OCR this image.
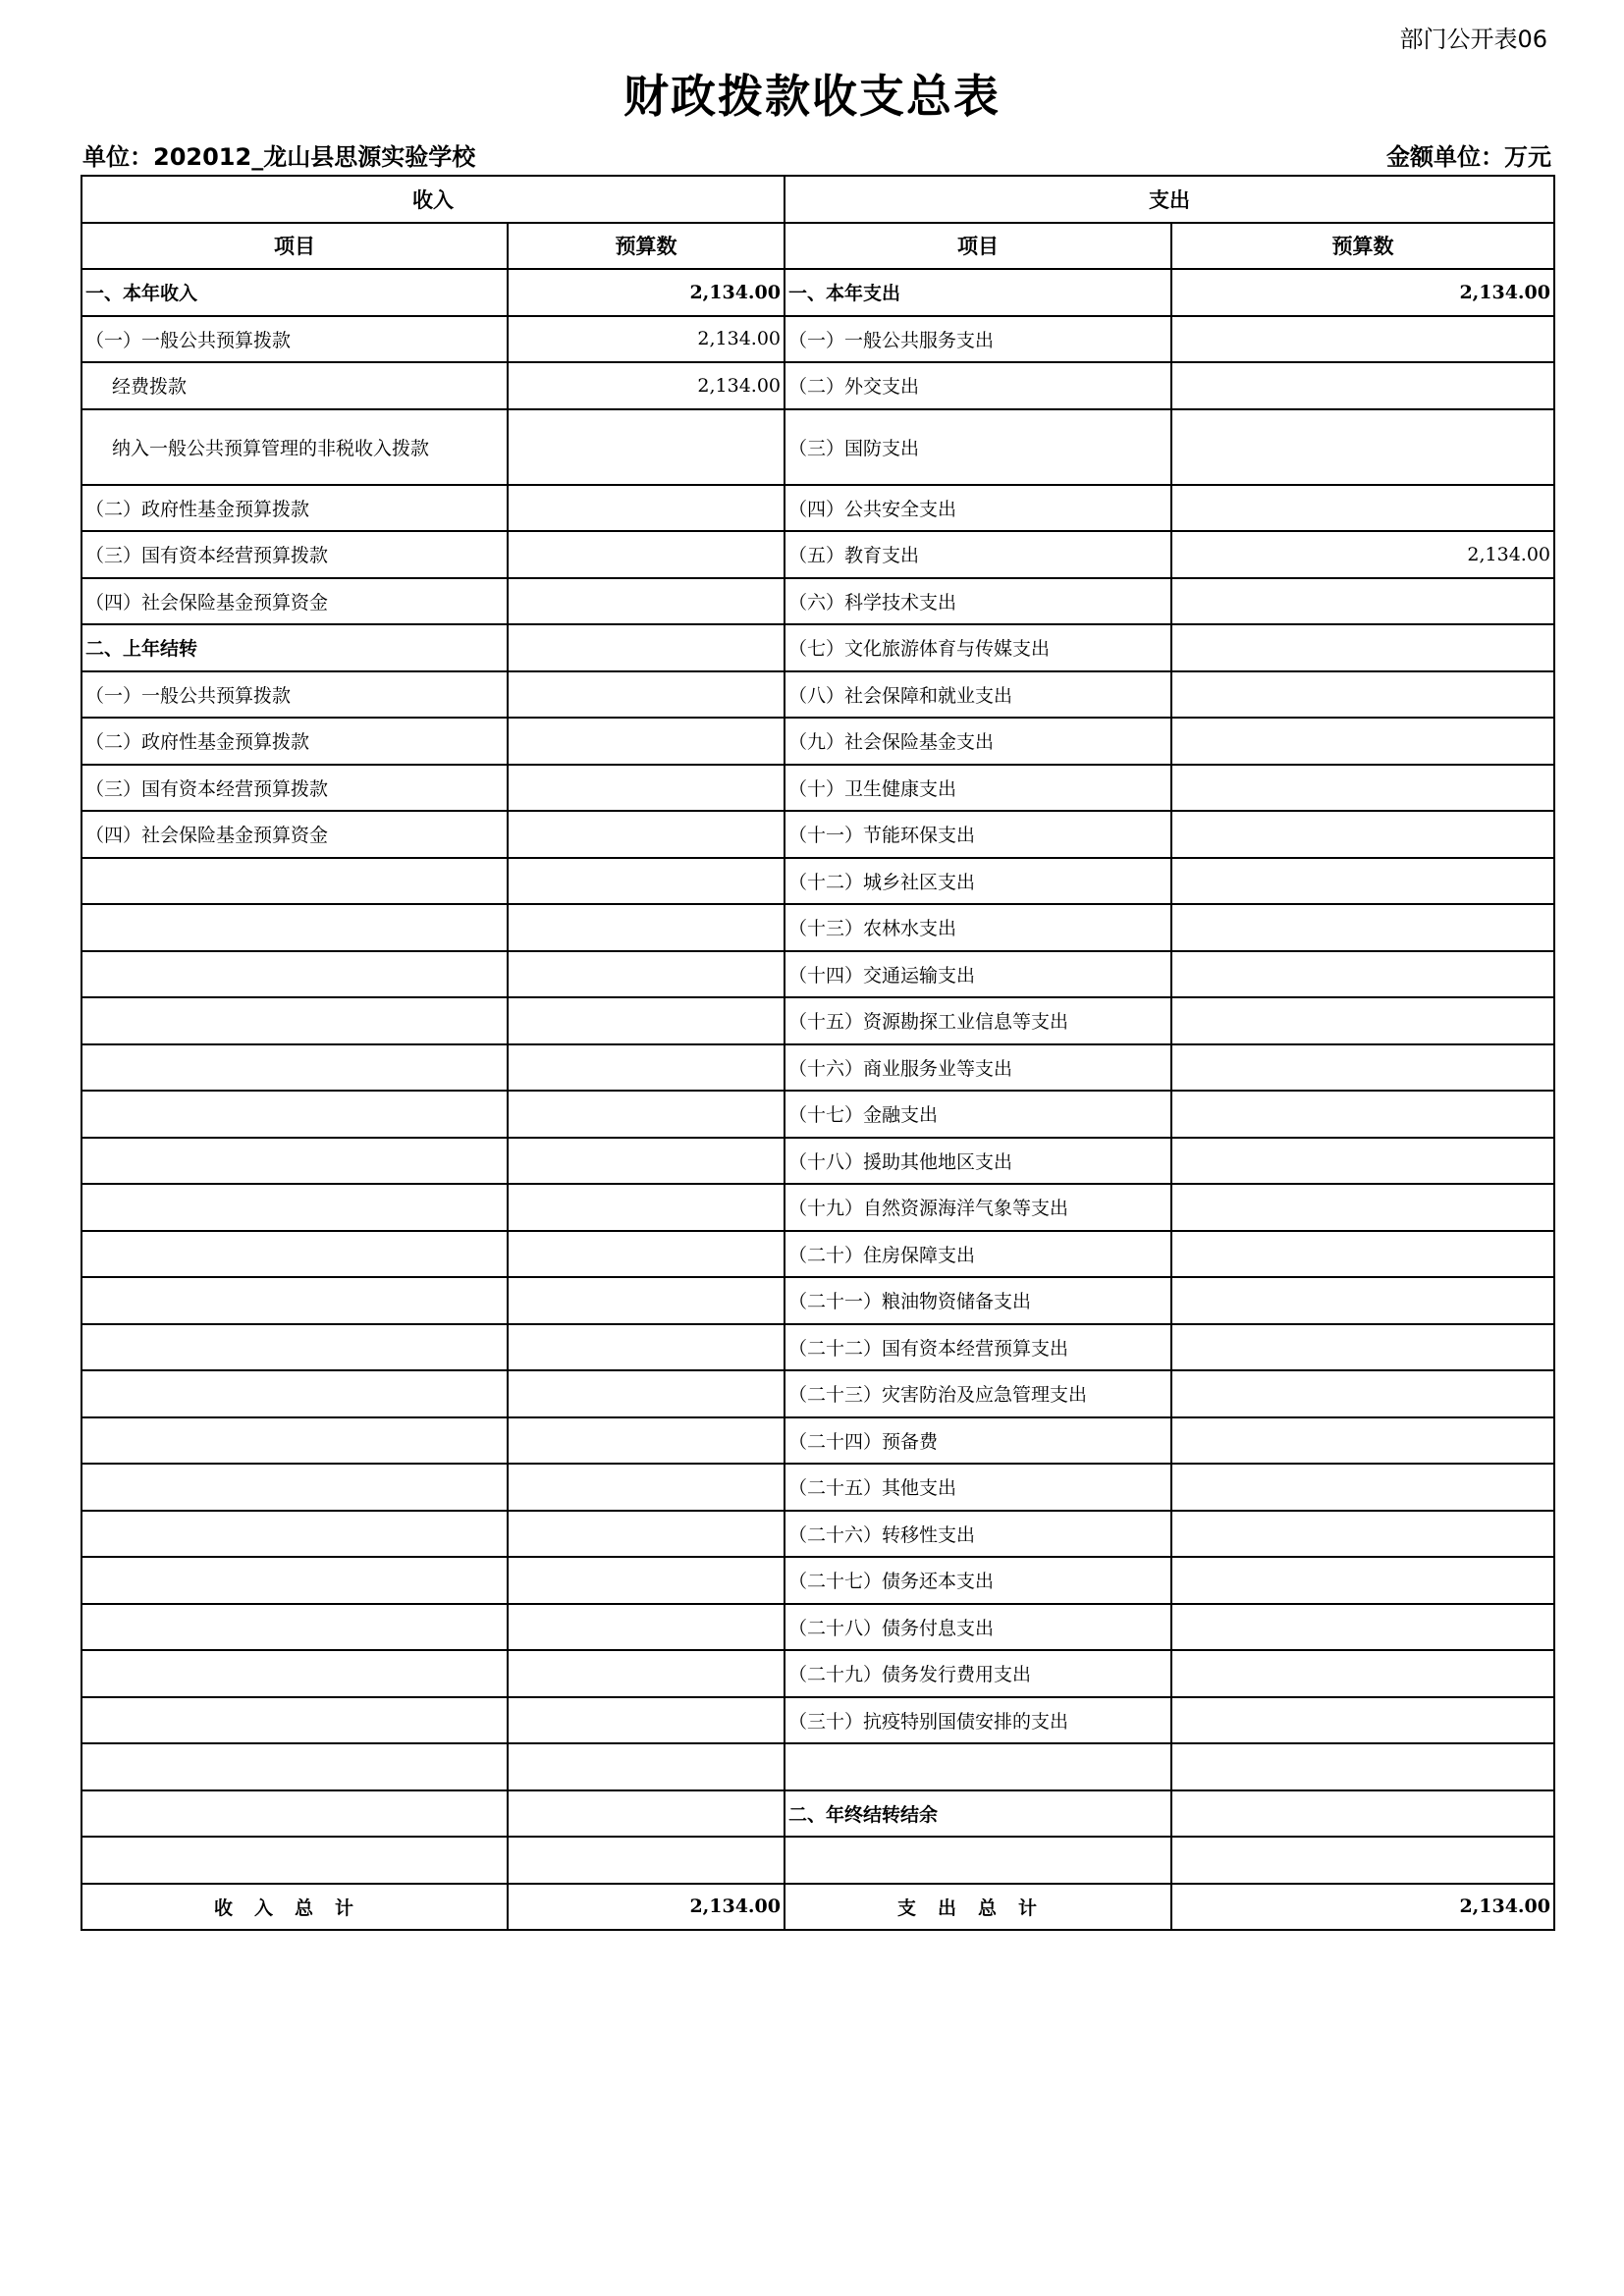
部门公开表06
财政拨款收支总表
单位：202012_龙山县思源实验学校	金额单位：万元
收入		支出	
项目	预算数	项目	预算数
一、本年收入	2,134.00	一、本年支出	2,134.00
（一）一般公共预算拨款	2,134.00	（一）一般公共服务支出	
经费拨款	2,134.00	（二）外交支出	
纳入一般公共预算管理的非税收入拨款		（三）国防支出	
（二）政府性基金预算拨款		（四）公共安全支出	
（三）国有资本经营预算拨款		（五）教育支出	2,134.00
（四）社会保险基金预算资金		（六）科学技术支出	
二、上年结转		（七）文化旅游体育与传媒支出	
（一）一般公共预算拨款		（八）社会保障和就业支出	
（二）政府性基金预算拨款		（九）社会保险基金支出	
（三）国有资本经营预算拨款		（十）卫生健康支出	
（四）社会保险基金预算资金		（十一）节能环保支出	
		（十二）城乡社区支出	
		（十三）农林水支出	
		（十四）交通运输支出	
		（十五）资源勘探工业信息等支出	
		（十六）商业服务业等支出	
		（十七）金融支出	
		（十八）援助其他地区支出	
		（十九）自然资源海洋气象等支出	
		（二十）住房保障支出	
		（二十一）粮油物资储备支出	
		（二十二）国有资本经营预算支出	
		（二十三）灾害防治及应急管理支出	
		（二十四）预备费	
		（二十五）其他支出	
		（二十六）转移性支出	
		（二十七）债务还本支出	
		（二十八）债务付息支出	
		（二十九）债务发行费用支出	
		（三十）抗疫特别国债安排的支出	

		二、年终结转结余	

收入总计	2,134.00	支出总计	2,134.00
